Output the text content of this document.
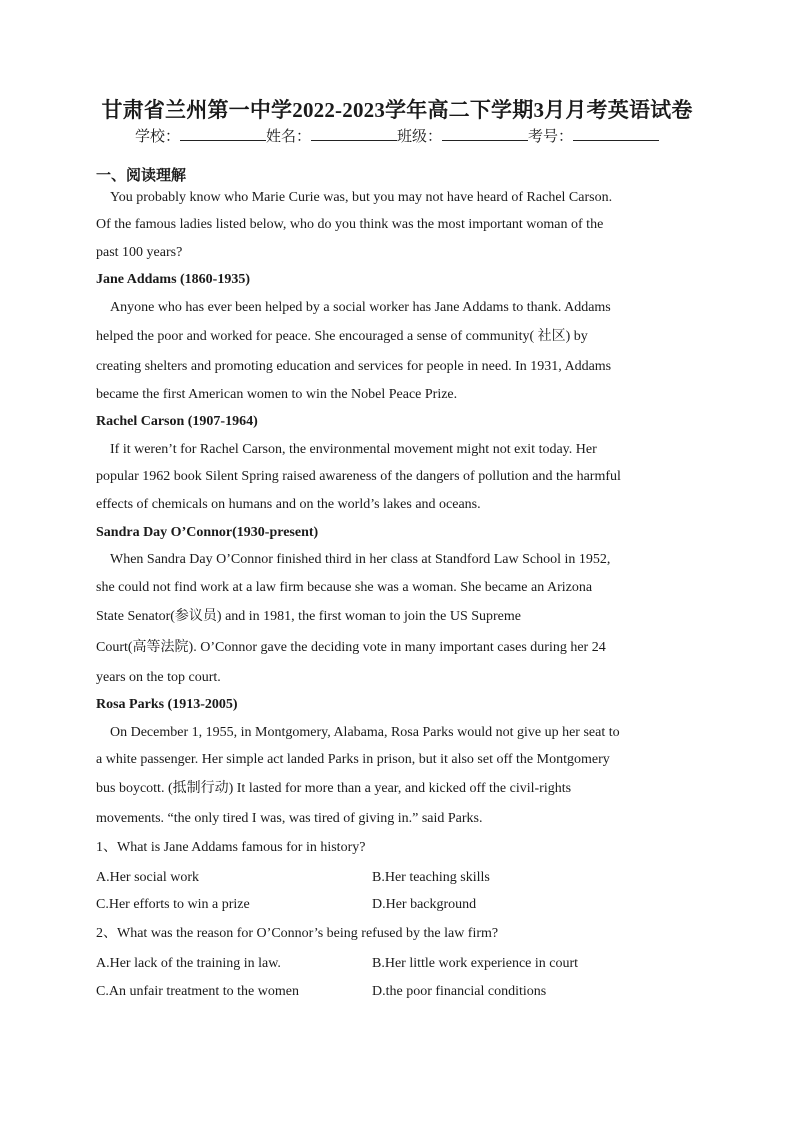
甘肃省兰州第一中学2022-2023学年高二下学期3月月考英语试卷
学校：	姓名：	班级：	考号：
一、阅读理解
You probably know who Marie Curie was, but you may not have heard of Rachel Carson.
Of the famous ladies listed below, who do you think was the most important woman of the
past 100 years?
Jane Addams (1860-1935)
Anyone who has ever been helped by a social worker has Jane Addams to thank. Addams
helped the poor and worked for peace. She encouraged a sense of community( 社区) by
creating shelters and promoting education and services for people in need. In 1931, Addams
became the first American women to win the Nobel Peace Prize.
Rachel Carson (1907-1964)
If it weren’t for Rachel Carson, the environmental movement might not exit today. Her
popular 1962 book Silent Spring raised awareness of the dangers of pollution and the harmful
effects of chemicals on humans and on the world’s lakes and oceans.
Sandra Day O’Connor(1930-present)
When Sandra Day O’Connor finished third in her class at Standford Law School in 1952,
she could not find work at a law firm because she was a woman. She became an Arizona
State Senator(参议员) and in 1981, the first woman to join the US Supreme
Court(高等法院). O’Connor gave the deciding vote in many important cases during her 24
years on the top court.
Rosa Parks (1913-2005)
On December 1, 1955, in Montgomery, Alabama, Rosa Parks would not give up her seat to
a white passenger. Her simple act landed Parks in prison, but it also set off the Montgomery
bus boycott. (抵制行动) It lasted for more than a year, and kicked off the civil-rights
movements. “the only tired I was, was tired of giving in.” said Parks.
1、What is Jane Addams famous for in history?
A.Her social work	B.Her teaching skills
C.Her efforts to win a prize	D.Her background
2、What was the reason for O’Connor’s being refused by the law firm?
A.Her lack of the training in law.	B.Her little work experience in court
C.An unfair treatment to the women	D.the poor financial conditions
